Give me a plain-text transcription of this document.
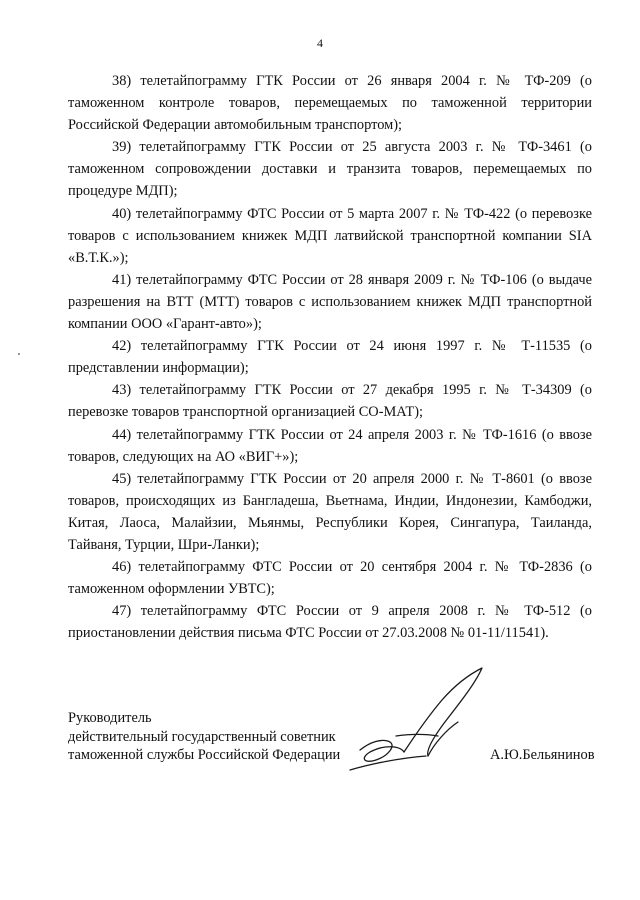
4

38) телетайпограмму ГТК России от 26 января 2004 г. № ТФ-209 (о таможенном контроле товаров, перемещаемых по таможенной территории Российской Федерации автомобильным транспортом);

39) телетайпограмму ГТК России от 25 августа 2003 г. № ТФ-3461 (о таможенном сопровождении доставки и транзита товаров, перемещаемых по процедуре МДП);

40) телетайпограмму ФТС России от 5 марта 2007 г. № ТФ-422 (о перевозке товаров с использованием книжек МДП латвийской транспортной компании SIA «В.Т.К.»);

41) телетайпограмму ФТС России от 28 января 2009 г. № ТФ-106 (о выдаче разрешения на ВТТ (МТТ) товаров с использованием книжек МДП транспортной компании ООО «Гарант-авто»);

42) телетайпограмму ГТК России от 24 июня 1997 г. № Т-11535 (о представлении информации);

43) телетайпограмму ГТК России от 27 декабря 1995 г. № Т-34309 (о перевозке товаров транспортной организацией СО-МАТ);

44) телетайпограмму ГТК России от 24 апреля 2003 г. № ТФ-1616 (о ввозе товаров, следующих на АО «ВИГ+»);

45) телетайпограмму ГТК России от 20 апреля 2000 г. № Т-8601 (о ввозе товаров, происходящих из Бангладеша, Вьетнама, Индии, Индонезии, Камбоджи, Китая, Лаоса, Малайзии, Мьянмы, Республики Корея, Сингапура, Таиланда, Тайваня, Турции, Шри-Ланки);

46) телетайпограмму ФТС России от 20 сентября 2004 г. № ТФ-2836 (о таможенном оформлении УВТС);

47) телетайпограмму ФТС России от 9 апреля 2008 г. № ТФ-512 (о приостановлении действия письма ФТС России от 27.03.2008 № 01-11/11541).

Руководитель
действительный государственный советник
таможенной службы Российской Федерации	А.Ю.Бельянинов
